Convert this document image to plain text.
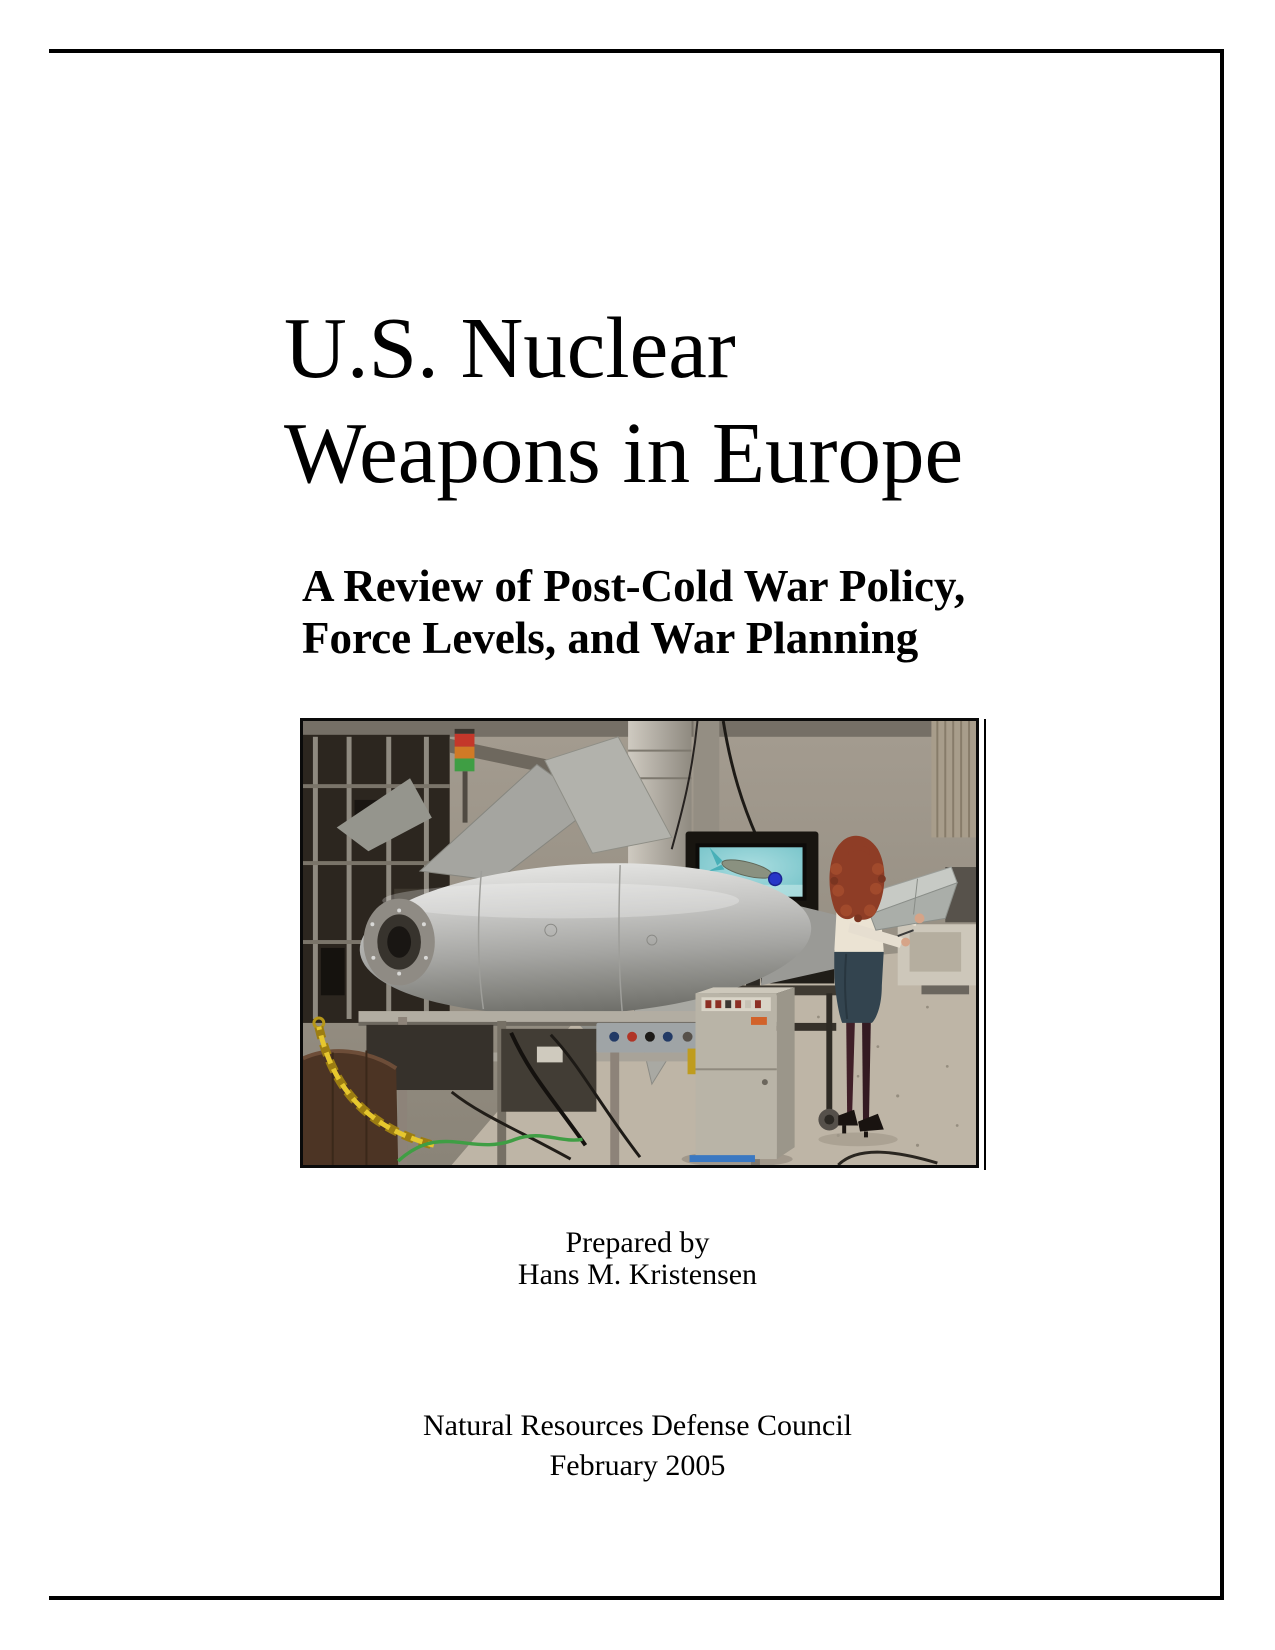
U.S. Nuclear
Weapons in Europe
A Review of Post-Cold War Policy,
Force Levels, and War Planning

Prepared by
Hans M. Kristensen

Natural Resources Defense Council
February 2005
